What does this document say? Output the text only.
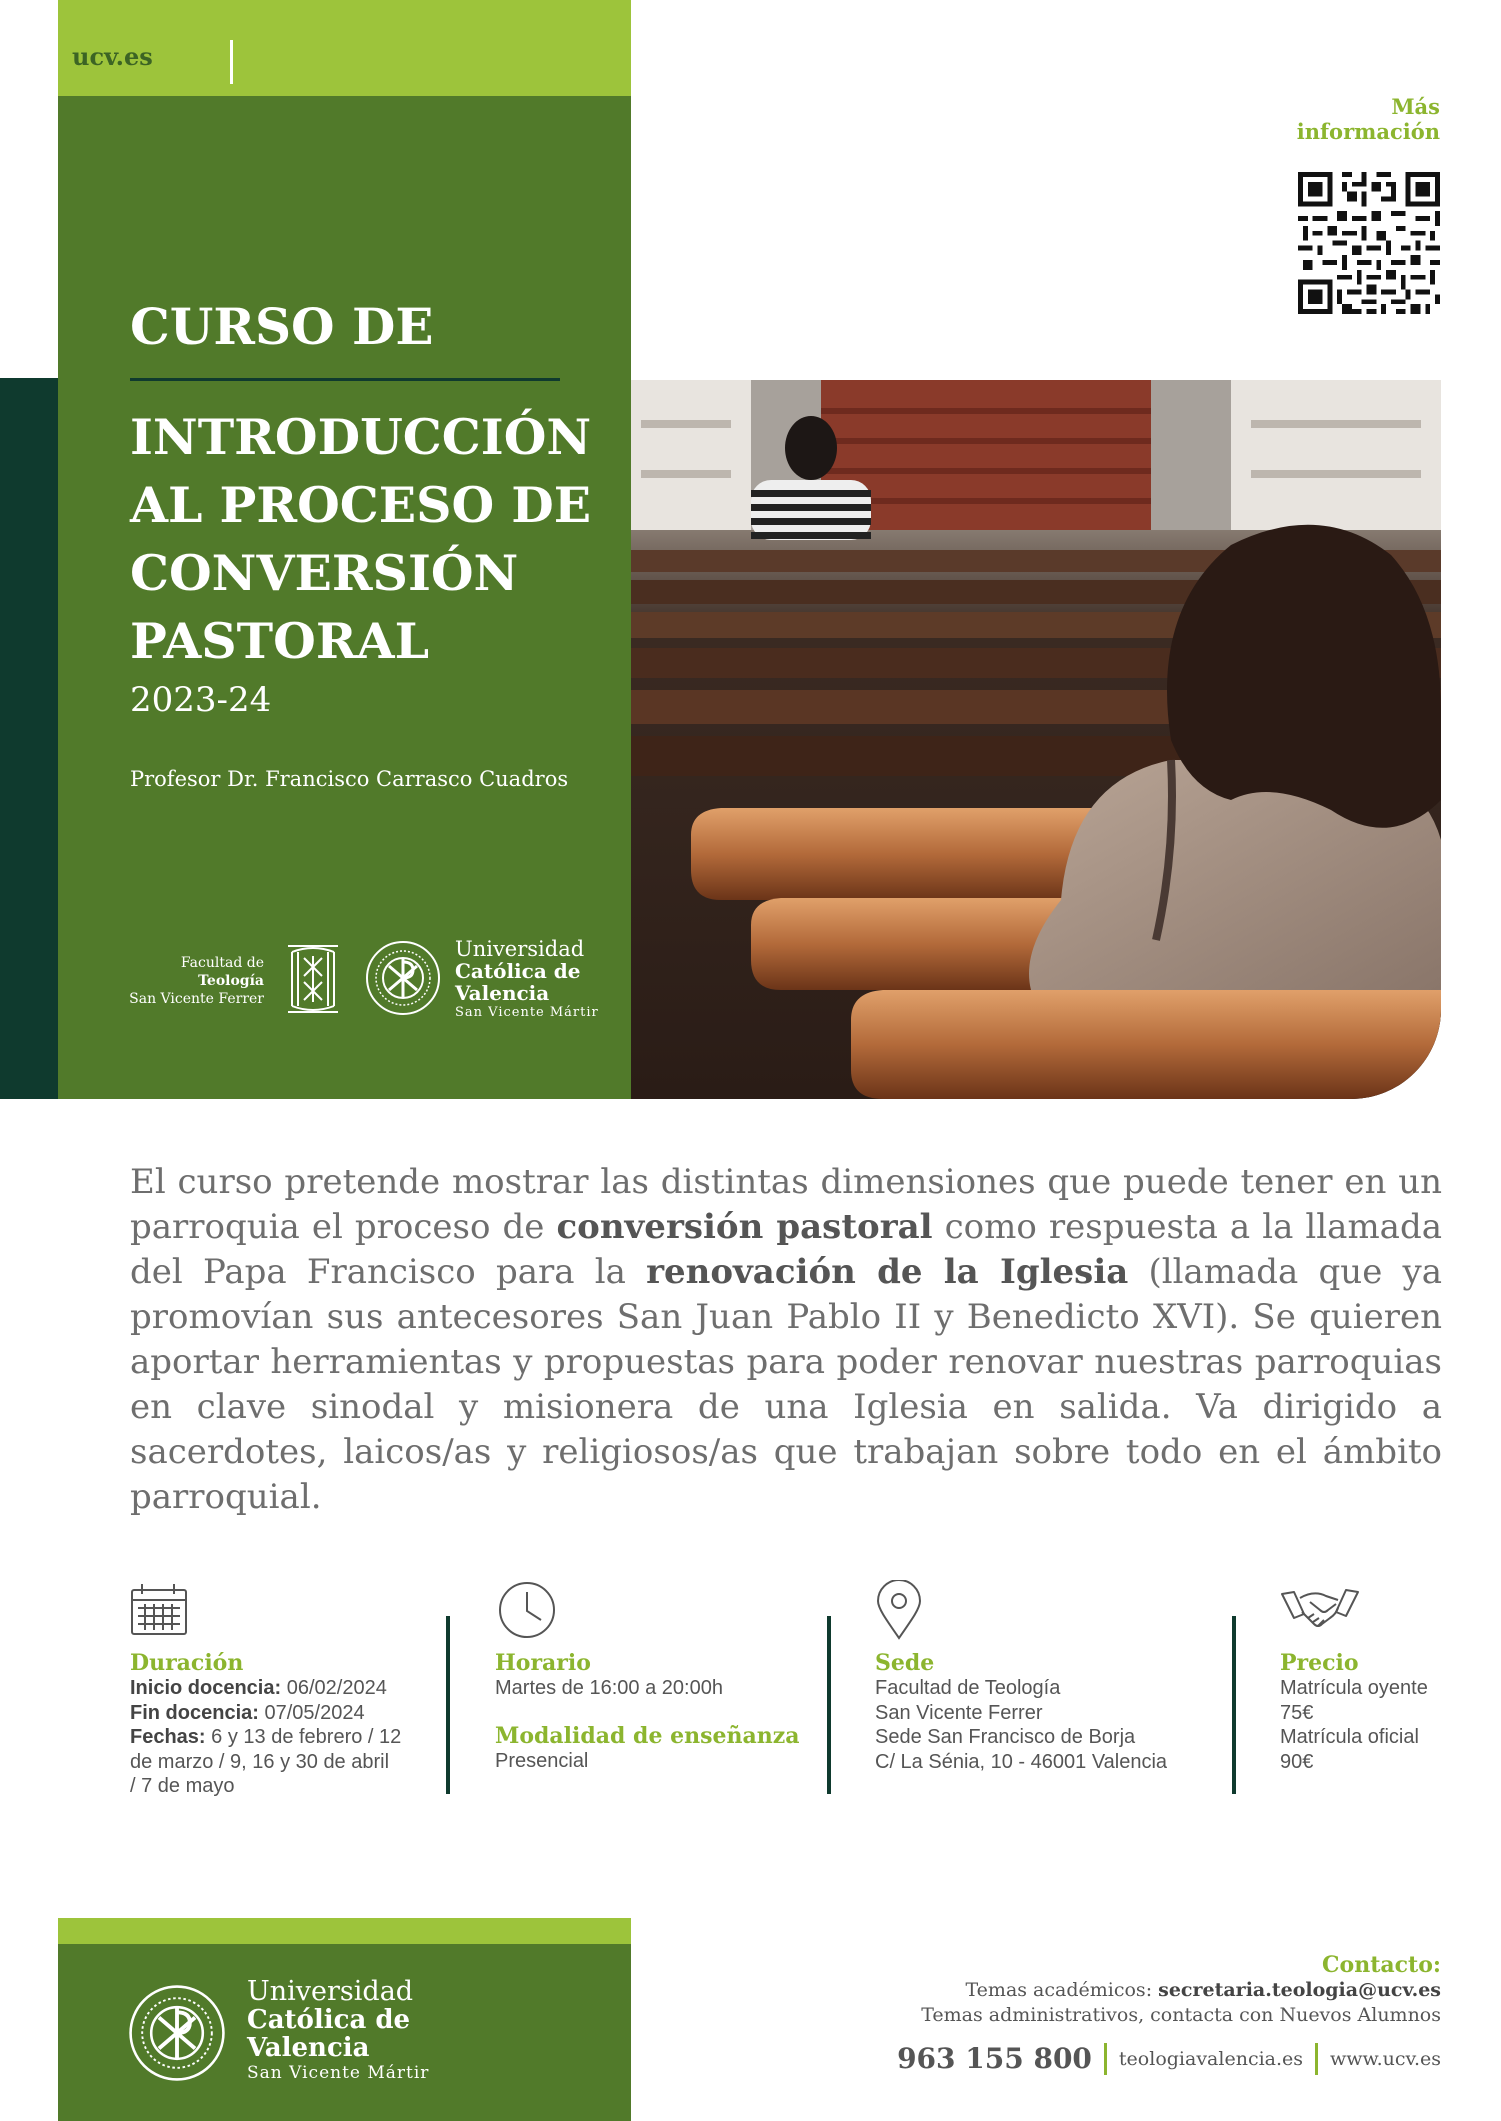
ucv.es
CURSO DE
INTRODUCCIÓN
AL PROCESO DE
CONVERSIÓN
PASTORAL
2023-24
Profesor Dr. Francisco Carrasco Cuadros
Facultad de
Teología
San Vicente Ferrer
Universidad
Católica de
Valencia
San Vicente Mártir
Más
información

El curso pretende mostrar las distintas dimensiones que puede tener en un parroquia el proceso de conversión pastoral como respuesta a la llamada del Papa Francisco para la renovación de la Iglesia (llamada que ya promovían sus antecesores San Juan Pablo II y Benedicto XVI). Se quieren aportar herramientas y propuestas para poder renovar nuestras parroquias en clave sinodal y misionera de una Iglesia en salida. Va dirigido a sacerdotes, laicos/as y religiosos/as que trabajan sobre todo en el ámbito parroquial.

Duración
Inicio docencia: 06/02/2024
Fin docencia: 07/05/2024
Fechas: 6 y 13 de febrero / 12
de marzo / 9, 16 y 30 de abril
/ 7 de mayo
Horario
Martes de 16:00 a 20:00h
Modalidad de enseñanza
Presencial
Sede
Facultad de Teología
San Vicente Ferrer
Sede San Francisco de Borja
C/ La Sénia, 10 - 46001 Valencia
Precio
Matrícula oyente
75€
Matrícula oficial
90€
Universidad
Católica de
Valencia
San Vicente Mártir
Contacto:
Temas académicos: secretaria.teologia@ucv.es
Temas administrativos, contacta con Nuevos Alumnos
963 155 800 teologiavalencia.es www.ucv.es
